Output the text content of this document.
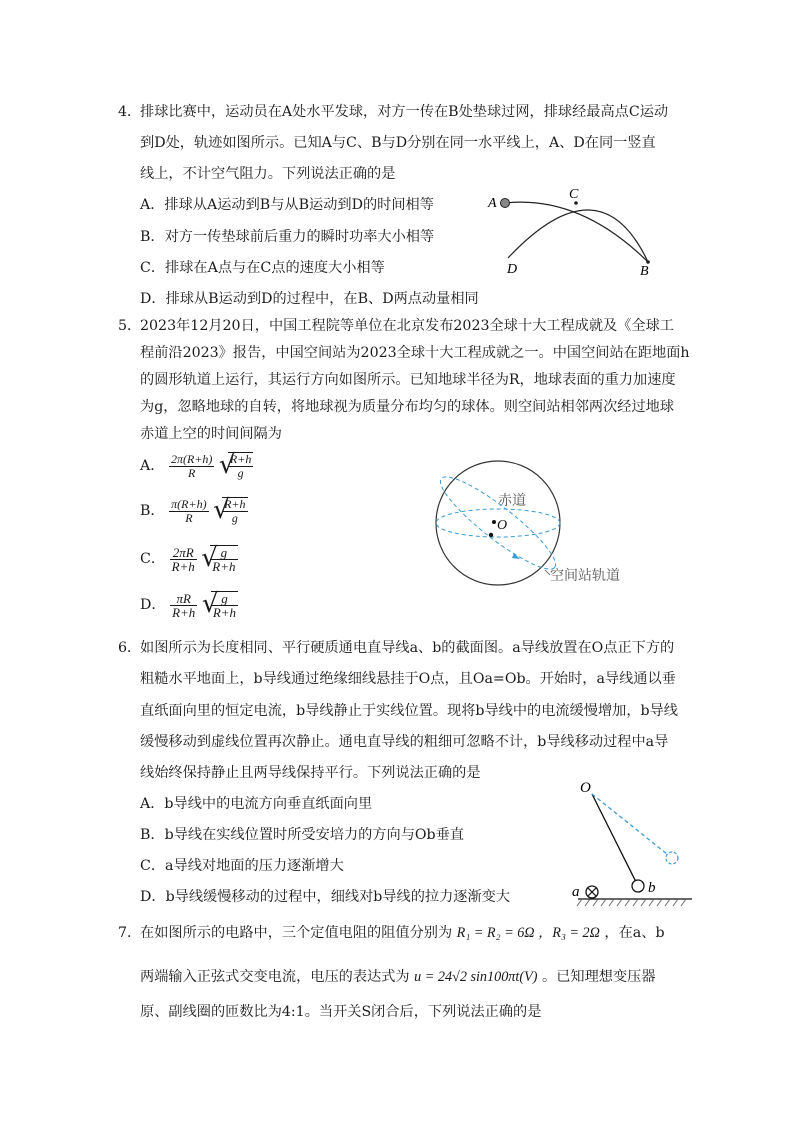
4．
排球比赛中，运动员在A处水平发球，对方一传在B处垫球过网，排球经最高点C运动
到D处，轨迹如图所示。已知A与C、B与D分别在同一水平线上，A、D在同一竖直
线上，不计空气阻力。下列说法正确的是
A．排球从A运动到B与从B运动到D的时间相等
B．对方一传垫球前后重力的瞬时功率大小相等
C．排球在A点与在C点的速度大小相等
D．排球从B运动到D的过程中，在B、D两点动量相同
A
C
D	B
5．
2023年12月20日，中国工程院等单位在北京发布2023全球十大工程成就及《全球工
程前沿2023》报告，中国空间站为2023全球十大工程成就之一。中国空间站在距地面h
的圆形轨道上运行，其运行方向如图所示。已知地球半径为R，地球表面的重力加速度
为g，忽略地球的自转，将地球视为质量分布均匀的球体。则空间站相邻两次经过地球
赤道上空的时间间隔为
A． $\frac{2\pi(R+h)}{R}$
√
$\frac{R+h}{g}$
B． $\frac{\pi(R+h)}{R}$
√
$\frac{R+h}{g}$
C． $\frac{2\pi R}{R+h}$
√
$\frac{g}{R+h}$
D． $\frac{\pi R}{R+h}$
√
$\frac{g}{R+h}$
O
赤道
空间站轨道
6．
如图所示为长度相同、平行硬质通电直导线a、b的截面图。a导线放置在O点正下方的
粗糙水平地面上，b导线通过绝缘细线悬挂于O点，且Oa=Ob。开始时，a导线通以垂
直纸面向里的恒定电流，b导线静止于实线位置。现将b导线中的电流缓慢增加，b导线
缓慢移动到虚线位置再次静止。通电直导线的粗细可忽略不计，b导线移动过程中a导
线始终保持静止且两导线保持平行。下列说法正确的是
A．b导线中的电流方向垂直纸面向里
B．b导线在实线位置时所受安培力的方向与Ob垂直
C．a导线对地面的压力逐渐增大
D．b导线缓慢移动的过程中，细线对b导线的拉力逐渐变大
O
a	b
7．
在如图所示的电路中，三个定值电阻的阻值分别为 R₁ = R₂ = 6Ω ，R₃ = 2Ω ，在a、b
两端输入正弦式交变电流，电压的表达式为 u = 24√2 sin100πt(V) 。已知理想变压器
原、副线圈的匝数比为4:1。当开关S闭合后，下列说法正确的是
